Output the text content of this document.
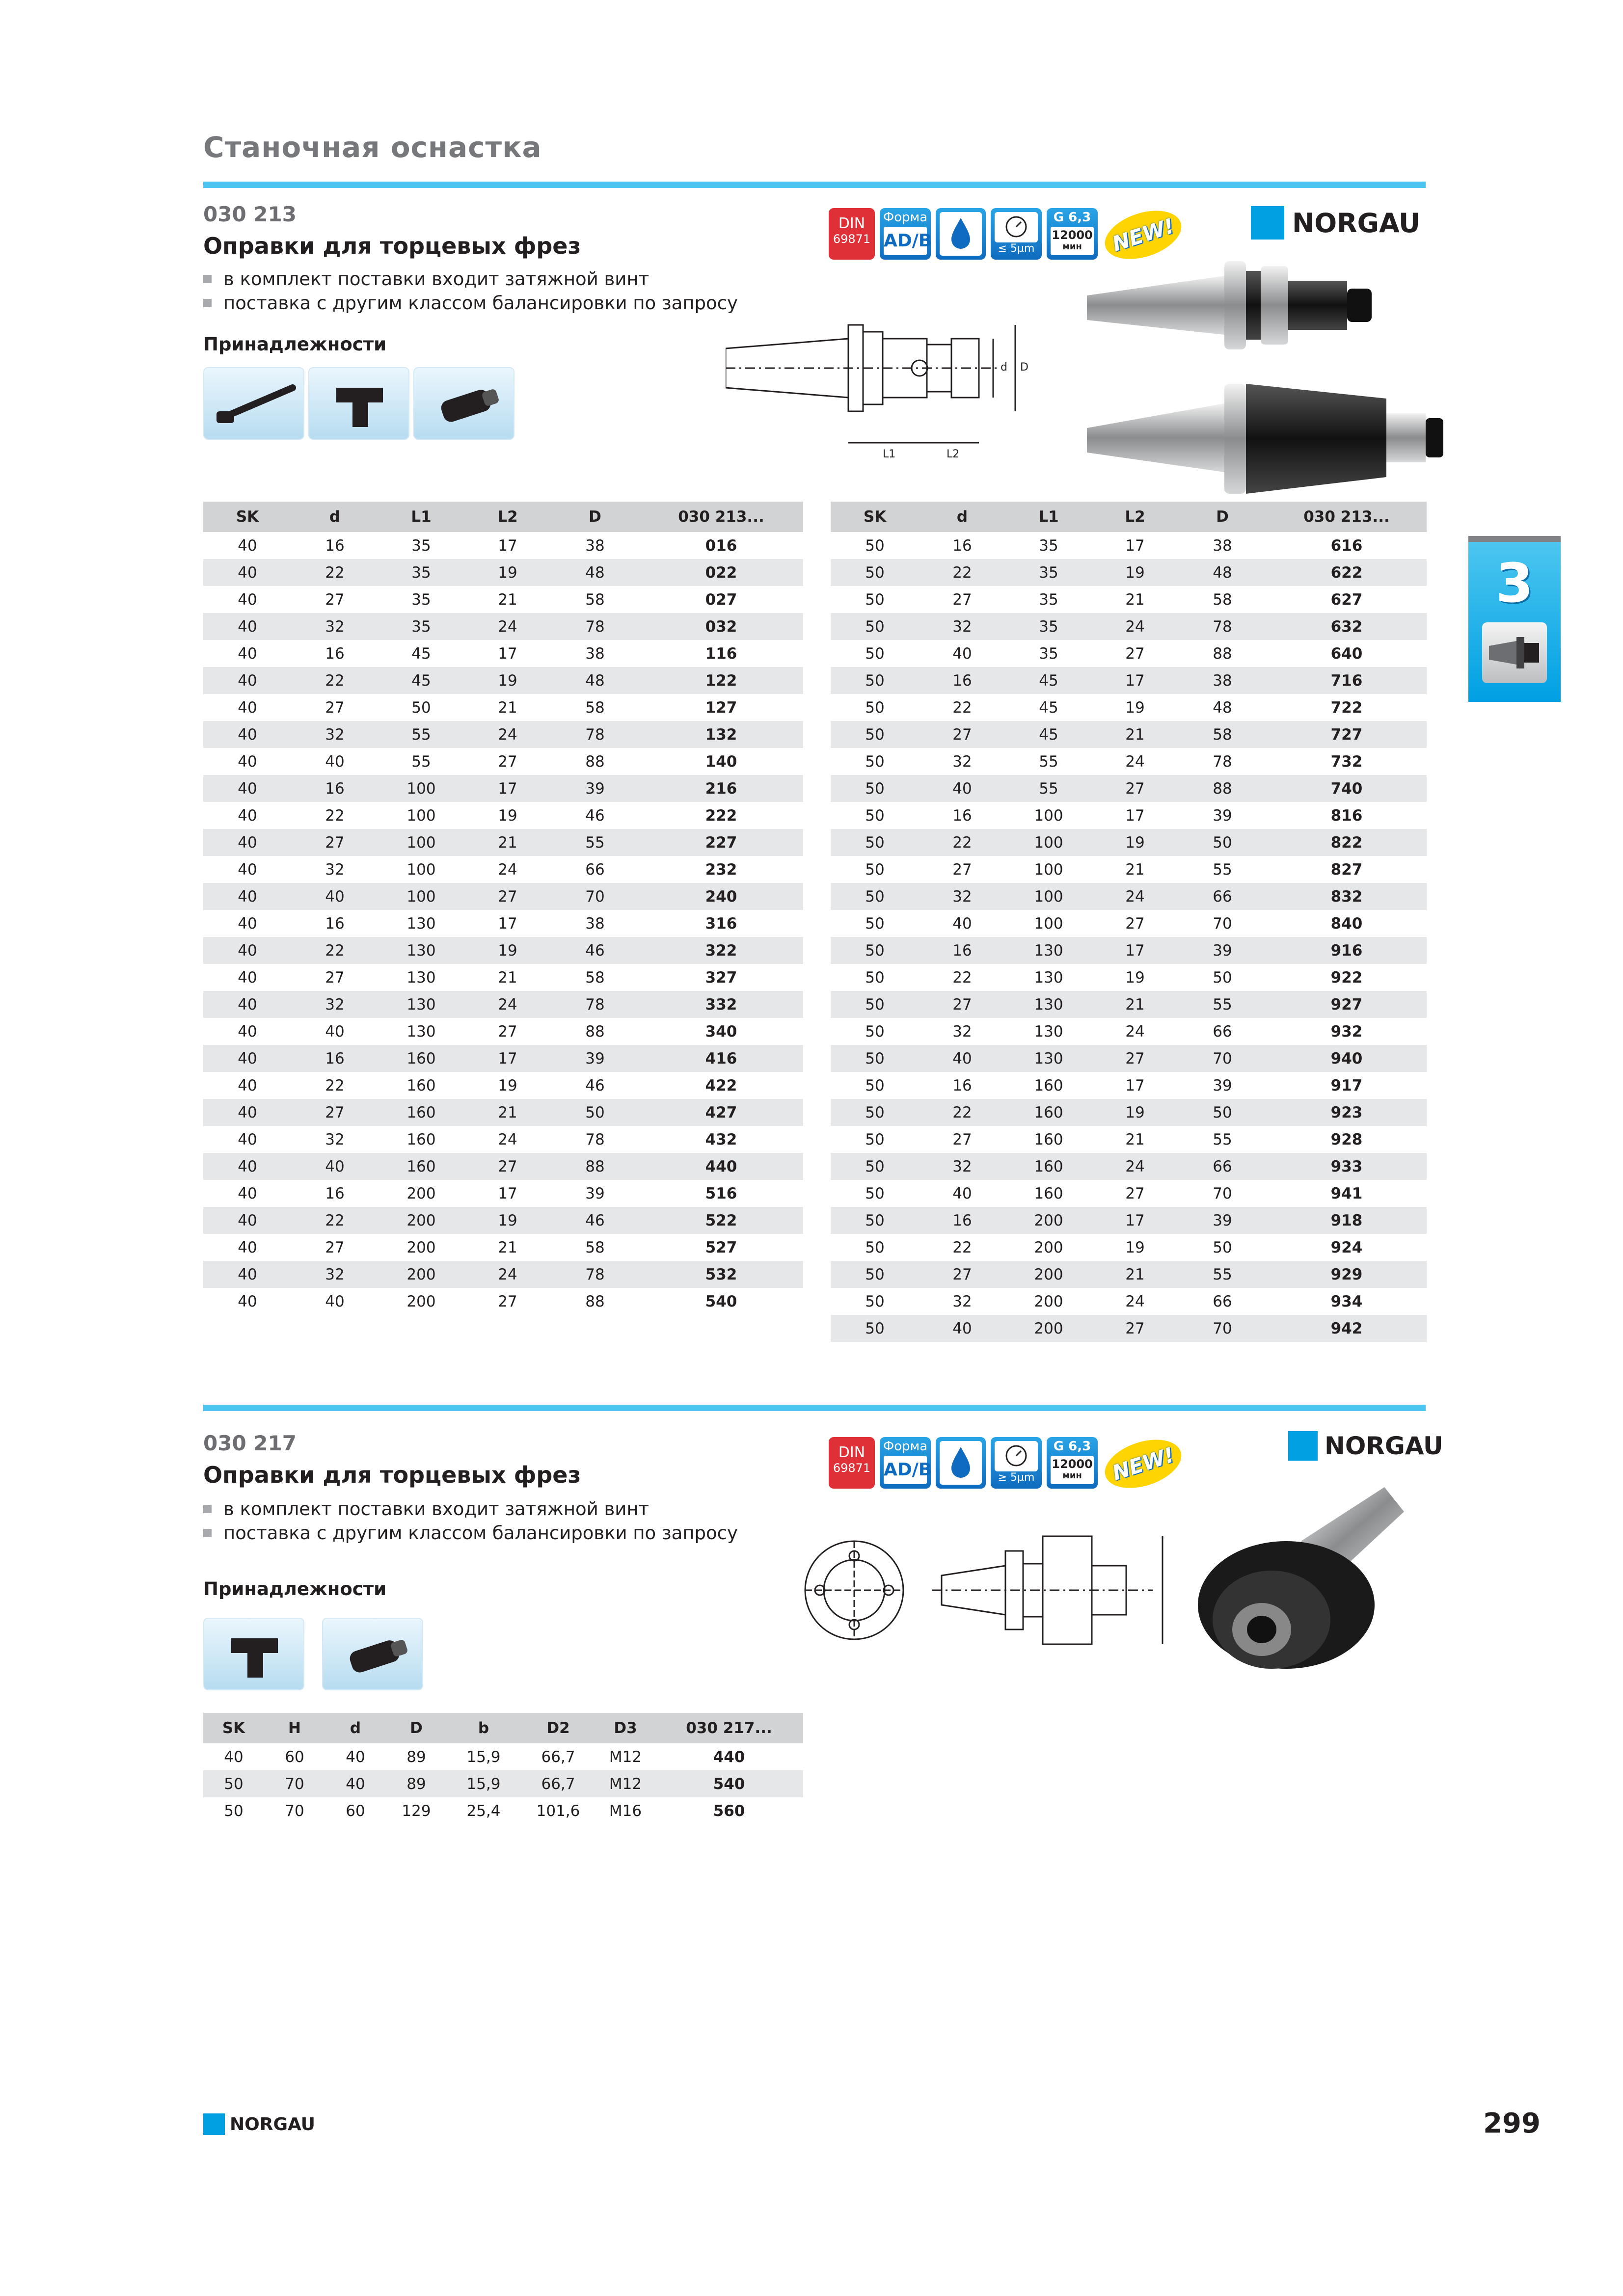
Станочная оснастка
030 213
Оправки для торцевых фрез
в комплект поставки входит затяжной винт
поставка с другим классом балансировки по запросу
Принадлежности
DIN
69871
Форма
AD/B	≤ 5µm
G 6,3
12000
мин	NEW!	NORGAU
L1	L2
d D
SK	d	L1	L2	D	030 213...
40	16	35	17	38	016
40	22	35	19	48	022
40	27	35	21	58	027
40	32	35	24	78	032
40	16	45	17	38	116
40	22	45	19	48	122
40	27	50	21	58	127
40	32	55	24	78	132
40	40	55	27	88	140
40	16	100	17	39	216
40	22	100	19	46	222
40	27	100	21	55	227
40	32	100	24	66	232
40	40	100	27	70	240
40	16	130	17	38	316
40	22	130	19	46	322
40	27	130	21	58	327
40	32	130	24	78	332
40	40	130	27	88	340
40	16	160	17	39	416
40	22	160	19	46	422
40	27	160	21	50	427
40	32	160	24	78	432
40	40	160	27	88	440
40	16	200	17	39	516
40	22	200	19	46	522
40	27	200	21	58	527
40	32	200	24	78	532
40	40	200	27	88	540
SK	d	L1	L2	D	030 213...
50	16	35	17	38	616
50	22	35	19	48	622
50	27	35	21	58	627
50	32	35	24	78	632
50	40	35	27	88	640
50	16	45	17	38	716
50	22	45	19	48	722
50	27	45	21	58	727
50	32	55	24	78	732
50	40	55	27	88	740
50	16	100	17	39	816
50	22	100	19	50	822
50	27	100	21	55	827
50	32	100	24	66	832
50	40	100	27	70	840
50	16	130	17	39	916
50	22	130	19	50	922
50	27	130	21	55	927
50	32	130	24	66	932
50	40	130	27	70	940
50	16	160	17	39	917
50	22	160	19	50	923
50	27	160	21	55	928
50	32	160	24	66	933
50	40	160	27	70	941
50	16	200	17	39	918
50	22	200	19	50	924
50	27	200	21	55	929
50	32	200	24	66	934
50	40	200	27	70	942
3
030 217
Оправки для торцевых фрез
в комплект поставки входит затяжной винт
поставка с другим классом балансировки по запросу
Принадлежности
DIN
69871
Форма
AD/B	≥ 5µm
G 6,3
12000
мин	NEW!	NORGAU
SK	H	d	D	b	D2	D3	030 217...
40	60	40	89	15,9	66,7	M12	440
50	70	40	89	15,9	66,7	M12	540
50	70	60	129	25,4	101,6	M16	560
NORGAU	299
